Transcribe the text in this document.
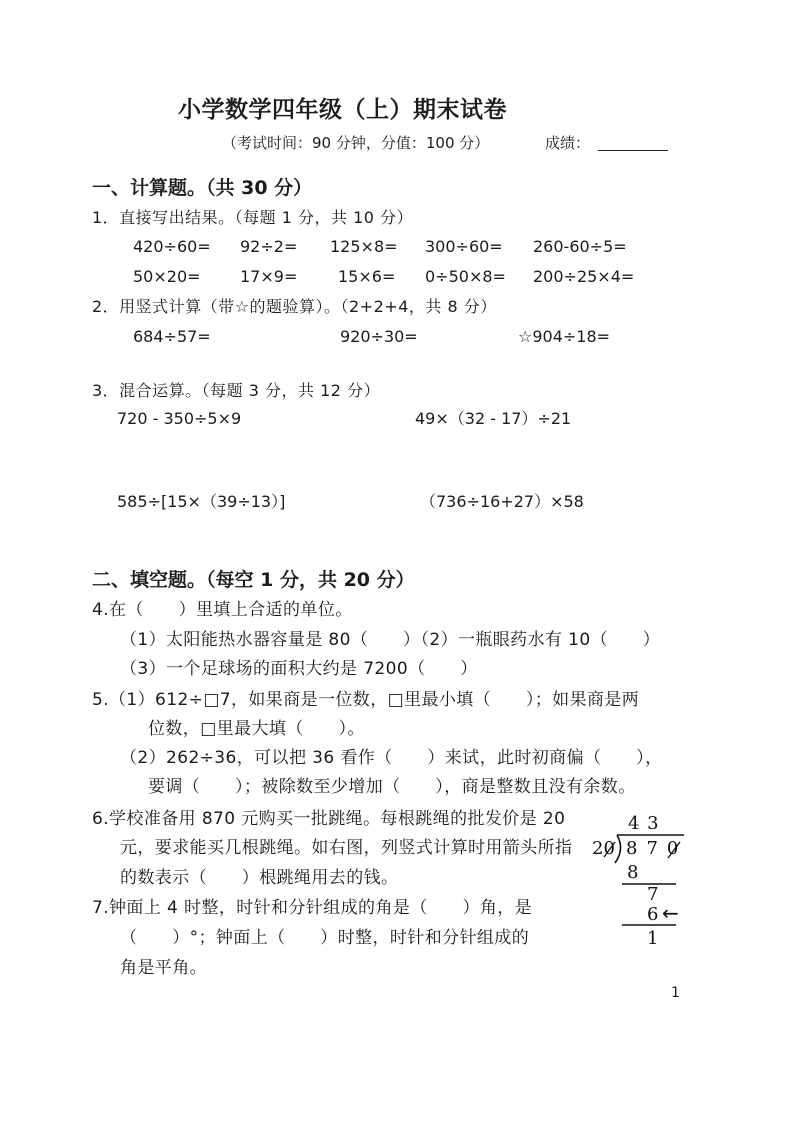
小学数学四年级（上）期末试卷
（考试时间：90 分钟，分值：100 分）	成绩：
一、计算题。（共 30 分）
1．直接写出结果。（每题 1 分，共 10 分）
420÷60= 92÷2= 125×8= 300÷60= 260-60÷5=
50×20= 17×9=	15×6= 0÷50×8= 200÷25×4=
2．用竖式计算（带☆的题验算）。（2+2+4，共 8 分）
684÷57=	920÷30=	☆904÷18=
3．混合运算。（每题 3 分，共 12 分）
720 - 350÷5×9	49×（32 - 17）÷21
585÷[15×（39÷13）]	（736÷16+27）×58
二、填空题。（每空 1 分，共 20 分）
4.在（　　）里填上合适的单位。
（1）太阳能热水器容量是 80（　　）（2）一瓶眼药水有 10（　　）
（3）一个足球场的面积大约是 7200（　　）
5.（1）612÷□7，如果商是一位数，□里最小填（　　）；如果商是两
位数，□里最大填（　　）。
（2）262÷36，可以把 36 看作（　　）来试，此时初商偏（　　），
要调（　　）；被除数至少增加（　　），商是整数且没有余数。
6.学校准备用 870 元购买一批跳绳。每根跳绳的批发价是 20
元，要求能买几根跳绳。如右图，列竖式计算时用箭头所指
的数表示（　　）根跳绳用去的钱。
7.钟面上 4 时整，时针和分针组成的角是（　　）角，是
（　　）°；钟面上（　　）时整，时针和分针组成的
角是平角。
4 3
20 870
8
7
6 ←
1
1
